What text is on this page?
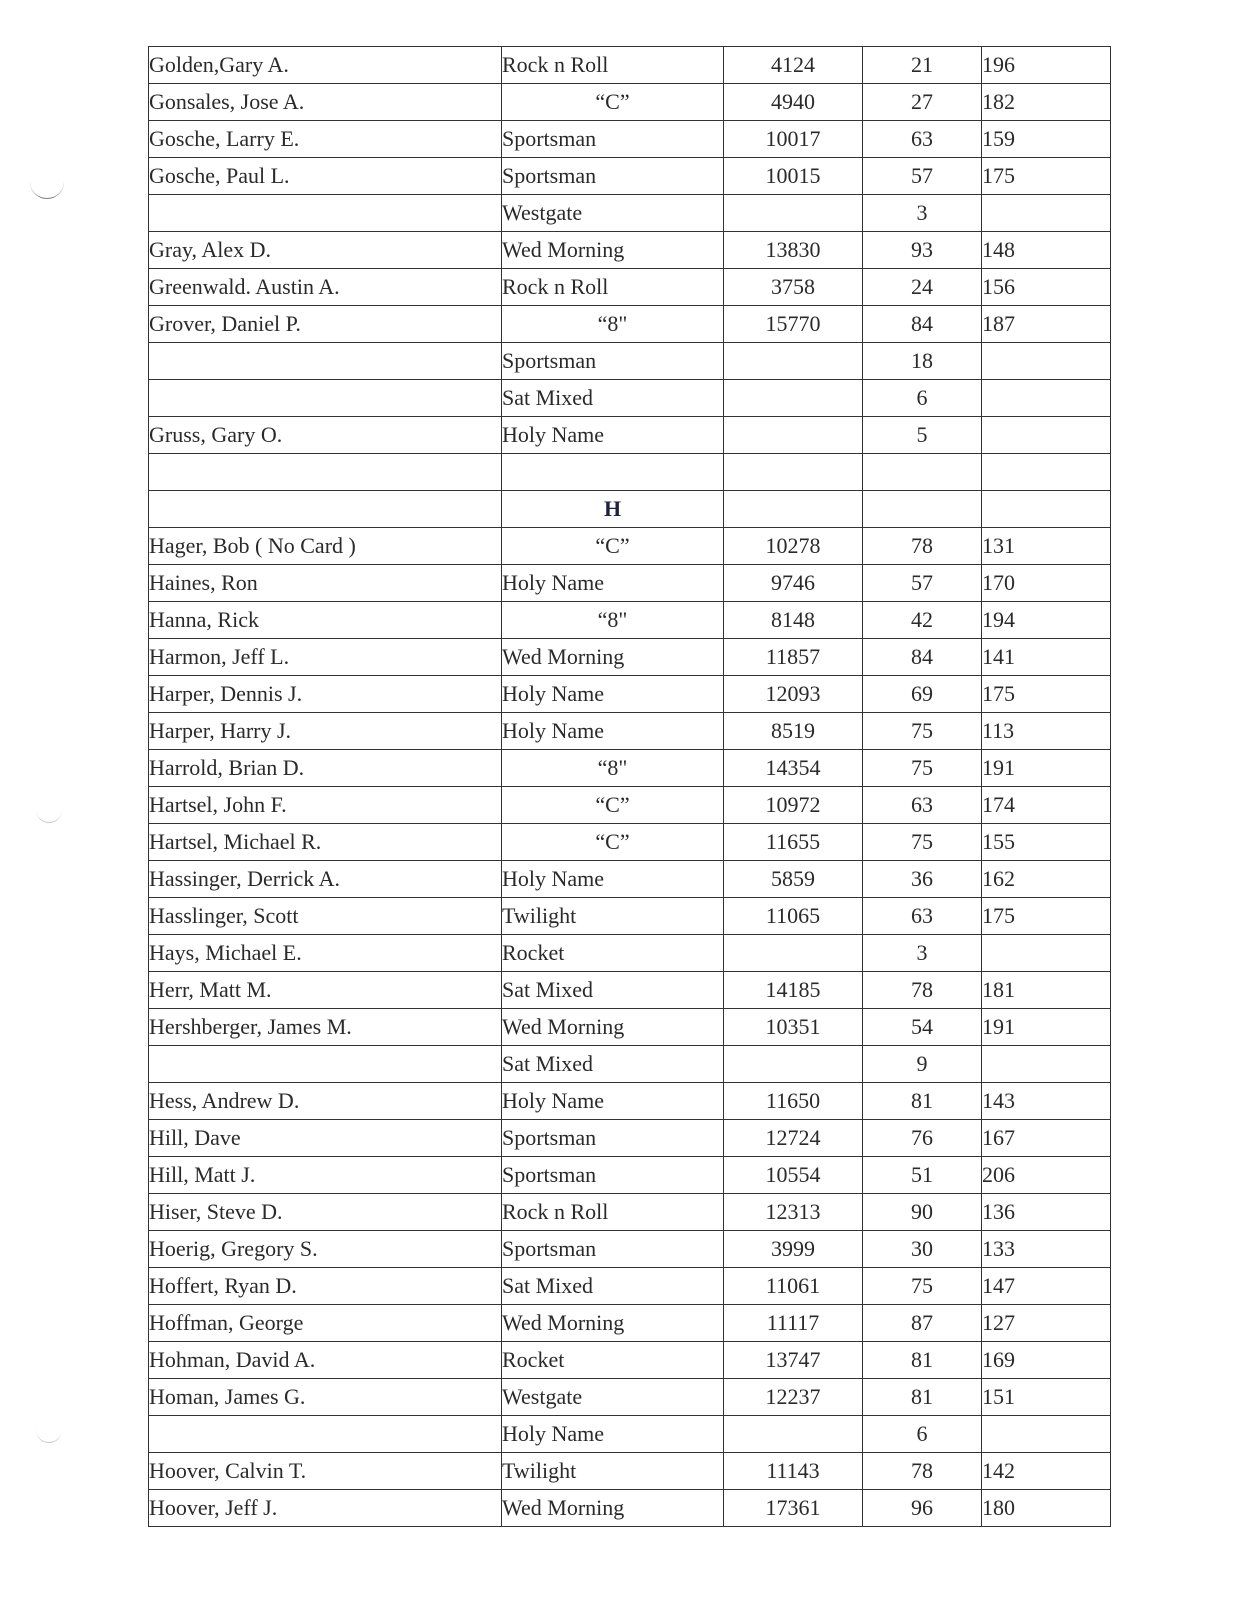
Golden,Gary A.	Rock n Roll	4124	21	196
Gonsales, Jose A.	“C”	4940	27	182
Gosche, Larry E.	Sportsman	10017	63	159
Gosche, Paul L.	Sportsman	10015	57	175
	Westgate		3	
Gray, Alex D.	Wed Morning	13830	93	148
Greenwald. Austin A.	Rock n Roll	3758	24	156
Grover, Daniel P.	“8"	15770	84	187
	Sportsman		18	
	Sat Mixed		6	
Gruss, Gary O.	Holy Name		5	

	H			
Hager, Bob ( No Card )	“C”	10278	78	131
Haines, Ron	Holy Name	9746	57	170
Hanna, Rick	“8"	8148	42	194
Harmon, Jeff L.	Wed Morning	11857	84	141
Harper, Dennis J.	Holy Name	12093	69	175
Harper, Harry J.	Holy Name	8519	75	113
Harrold, Brian D.	“8"	14354	75	191
Hartsel, John F.	“C”	10972	63	174
Hartsel, Michael R.	“C”	11655	75	155
Hassinger, Derrick A.	Holy Name	5859	36	162
Hasslinger, Scott	Twilight	11065	63	175
Hays, Michael E.	Rocket		3	
Herr, Matt M.	Sat Mixed	14185	78	181
Hershberger, James M.	Wed Morning	10351	54	191
	Sat Mixed		9	
Hess, Andrew D.	Holy Name	11650	81	143
Hill, Dave	Sportsman	12724	76	167
Hill, Matt J.	Sportsman	10554	51	206
Hiser, Steve D.	Rock n Roll	12313	90	136
Hoerig, Gregory S.	Sportsman	3999	30	133
Hoffert, Ryan D.	Sat Mixed	11061	75	147
Hoffman, George	Wed Morning	11117	87	127
Hohman, David A.	Rocket	13747	81	169
Homan, James G.	Westgate	12237	81	151
	Holy Name		6	
Hoover, Calvin T.	Twilight	11143	78	142
Hoover, Jeff J.	Wed Morning	17361	96	180
